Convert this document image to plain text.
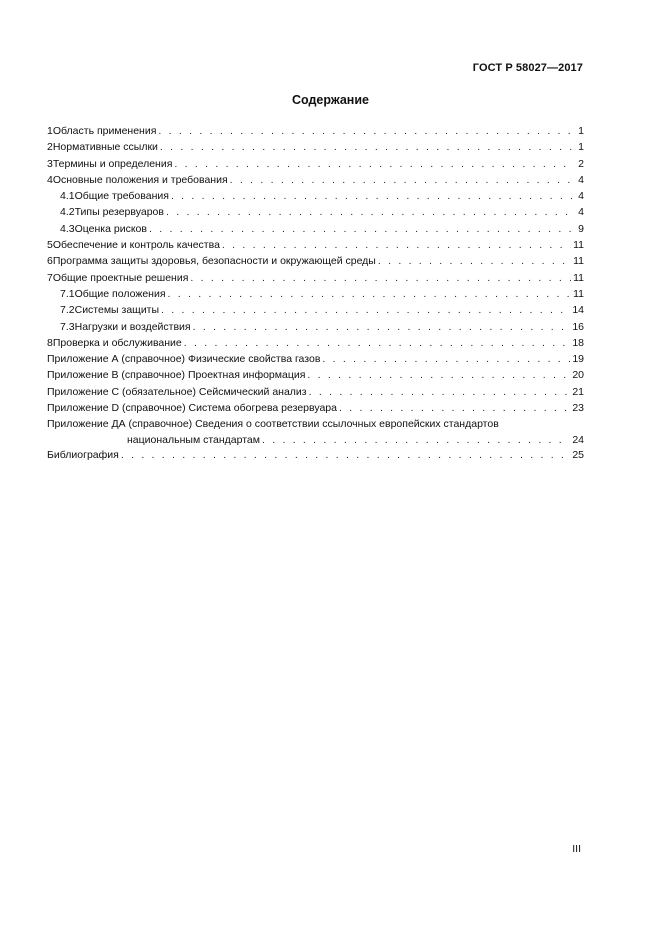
ГОСТ Р 58027—2017
Содержание
1 Область применения . . .	1
2 Нормативные ссылки . . .	1
3 Термины и определения . . .	2
4 Основные положения и требования . . .	4
4.1 Общие требования . . .	4
4.2 Типы резервуаров . . .	4
4.3 Оценка рисков . . .	9
5 Обеспечение и контроль качества . . .	11
6 Программа защиты здоровья, безопасности и окружающей среды . . .	11
7 Общие проектные решения . . .	11
7.1 Общие положения . . .	11
7.2 Системы защиты . . .	14
7.3 Нагрузки и воздействия . . .	16
8 Проверка и обслуживание . . .	18
Приложение А (справочное) Физические свойства газов . . .	19
Приложение В (справочное) Проектная информация . . .	20
Приложение С (обязательное) Сейсмический анализ . . .	21
Приложение D (справочное) Система обогрева резервуара . . .	23
Приложение ДА (справочное) Сведения о соответствии ссылочных европейских стандартов
национальным стандартам . . .	24
Библиография . . .	25
III
